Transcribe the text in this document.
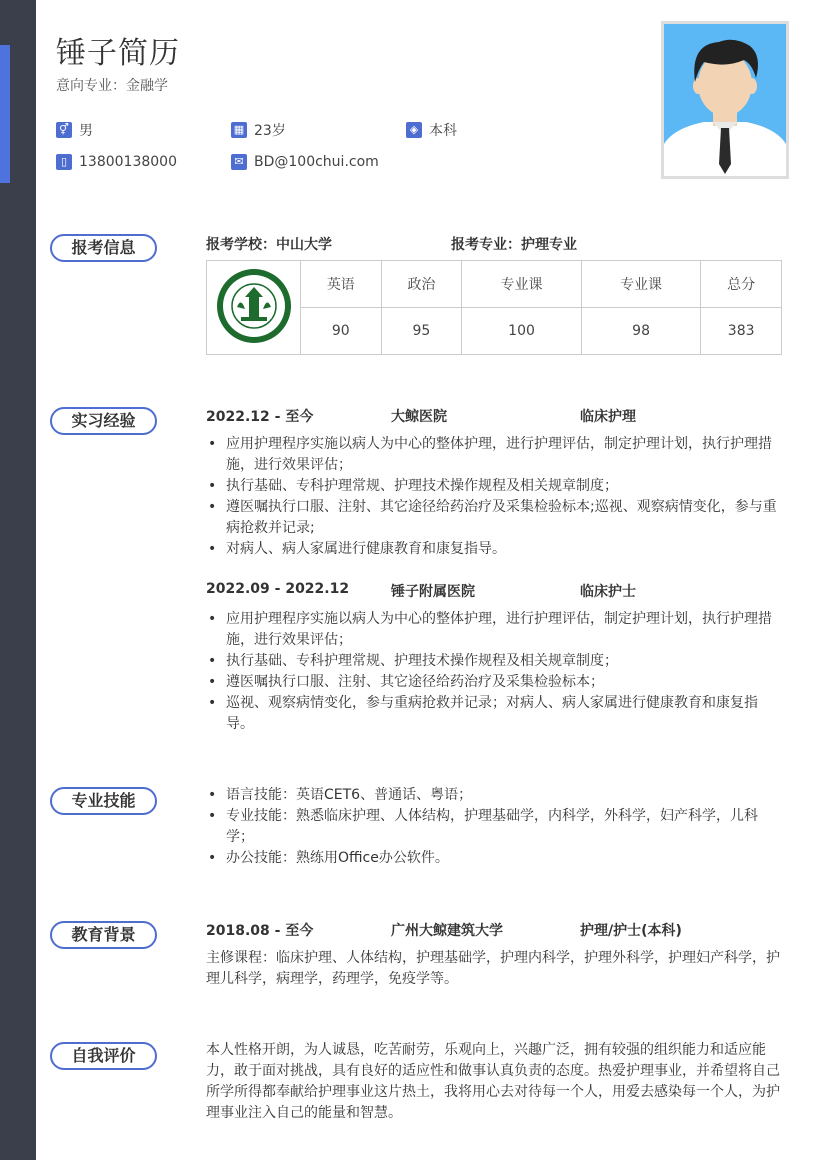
锤子简历
意向专业：金融学
⚥ 男	▦ 23岁	◈ 本科
▯ 13800138000	✉ BD@100chui.com
报考信息	报考学校：中山大学	报考专业：护理专业
	英语	政治	专业课	专业课	总分
	90	95	100	98	383
实习经验	2022.12 - 至今	大鲸医院	临床护理
• 应用护理程序实施以病人为中心的整体护理，进行护理评估，制定护理计划，执行护理措施，进行效果评估；
• 执行基础、专科护理常规、护理技术操作规程及相关规章制度；
• 遵医嘱执行口服、注射、其它途径给药治疗及采集检验标本;巡视、观察病情变化，参与重病抢救并记录;
• 对病人、病人家属进行健康教育和康复指导。
2022.09 - 2022.12	锤子附属医院	临床护士
• 应用护理程序实施以病人为中心的整体护理，进行护理评估，制定护理计划，执行护理措施，进行效果评估；
• 执行基础、专科护理常规、护理技术操作规程及相关规章制度；
• 遵医嘱执行口服、注射、其它途径给药治疗及采集检验标本；
• 巡视、观察病情变化，参与重病抢救并记录；对病人、病人家属进行健康教育和康复指导。
专业技能	• 语言技能：英语CET6、普通话、粤语；
• 专业技能：熟悉临床护理、人体结构，护理基础学，内科学，外科学，妇产科学，儿科学；
• 办公技能：熟练用Office办公软件。
教育背景	2018.08 - 至今	广州大鲸建筑大学	护理/护士(本科)
主修课程：临床护理、人体结构，护理基础学，护理内科学，护理外科学，护理妇产科学，护理儿科学，病理学，药理学，免疫学等。
自我评价	本人性格开朗，为人诚恳，吃苦耐劳，乐观向上，兴趣广泛，拥有较强的组织能力和适应能力，敢于面对挑战，具有良好的适应性和做事认真负责的态度。热爱护理事业，并希望将自己所学所得都奉献给护理事业这片热土，我将用心去对待每一个人，用爱去感染每一个人，为护理事业注入自己的能量和智慧。
